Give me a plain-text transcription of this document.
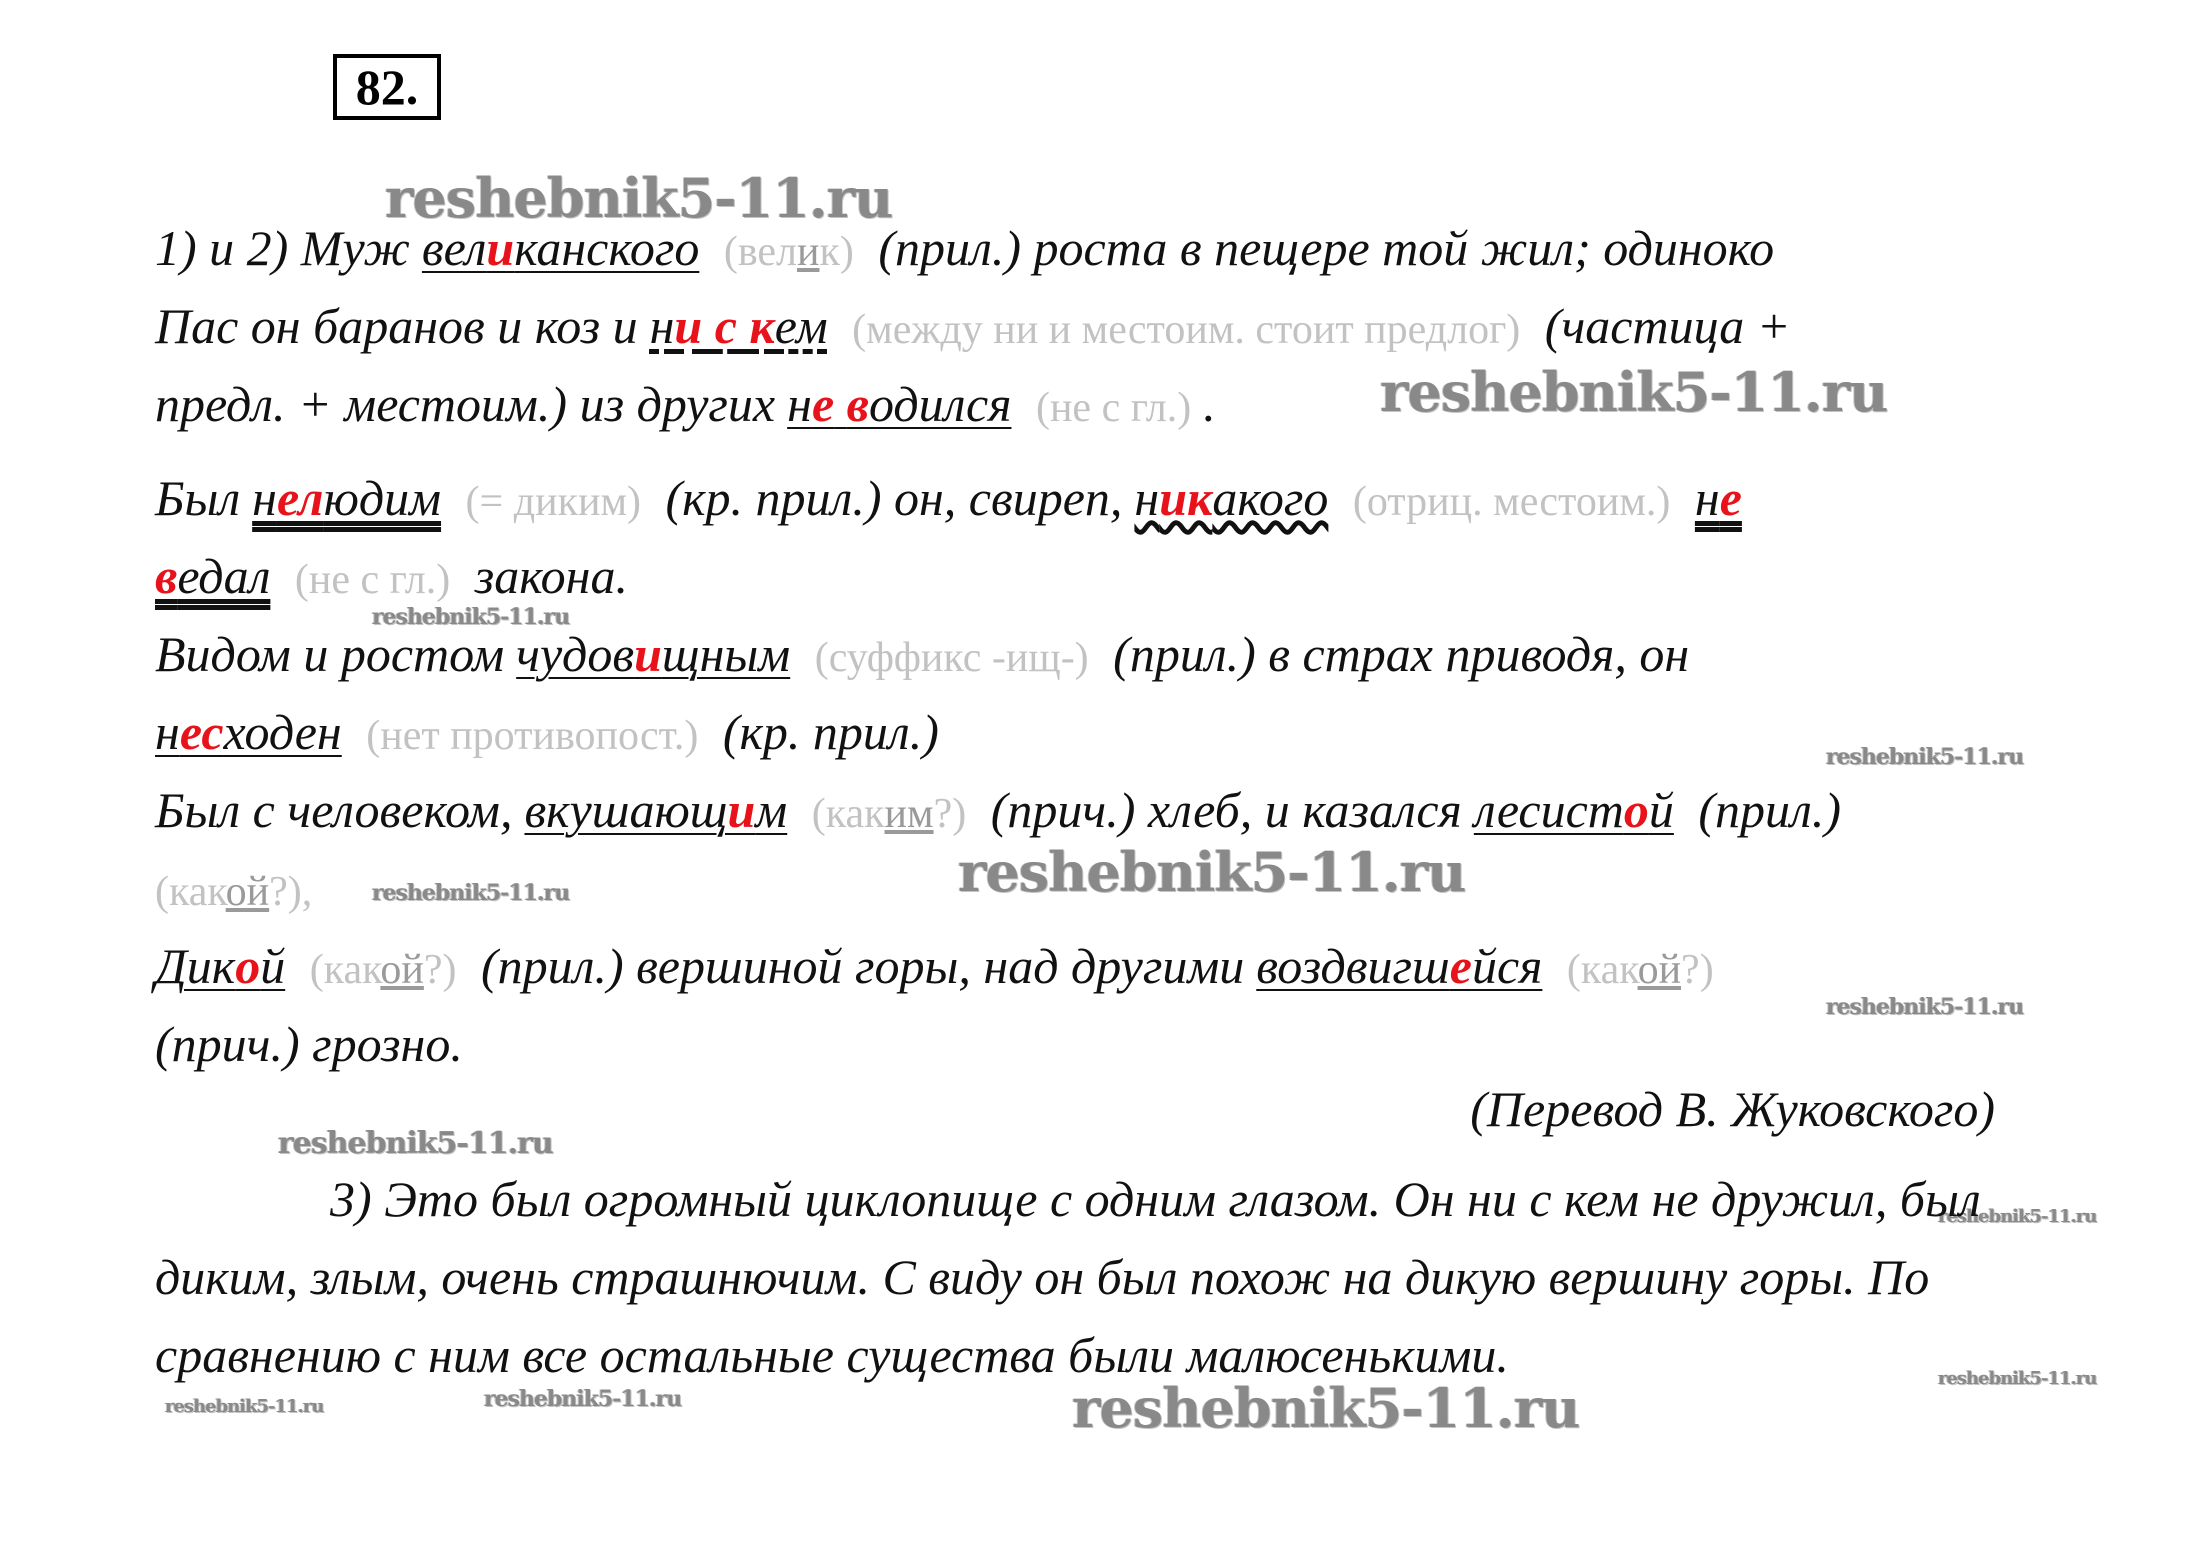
82 .
reshebnik5-11.ru
reshebnik5-11.ru
reshebnik5-11.ru
reshebnik5-11.ru
reshebnik5-11.ru
reshebnik5-11.ru
reshebnik5-11.ru
reshebnik5-11.ru
reshebnik5-11.ru
reshebnik5-11.ru
reshebnik5-11.ru
reshebnik5-11.ru	reshebnik5-11.ru
1) и 2) Муж великанского (велик) (прил.) роста в пещере той жил; одиноко
Пас он баранов и коз и ни с кем (между ни и местоим. стоит предлог) (частица +
предл. + местоим.) из других не водился (не с гл.) .
Был нелюдим (= диким) (кр. прил.) он, свиреп, никакого (отриц. местоим.) не
ведал (не с гл.) закона.
Видом и ростом чудовищным (суффикс -ищ-) (прил.) в страх приводя, он
несходен (нет противопост.) (кр. прил.)
Был с человеком, вкушающим (каким?) (прич.) хлеб, и казался лесистой (прил.)
(какой?),
Дикой (какой?) (прил.) вершиной горы, над другими воздвигшейся (какой?)
(прич.) грозно.
(Перевод В. Жуковского)
3) Это был огромный циклопище с одним глазом. Он ни с кем не дружил, был диким, злым, очень страшнючим. С виду он был похож на дикую вершину горы. По сравнению с ним все остальные существа были малюсенькими.
